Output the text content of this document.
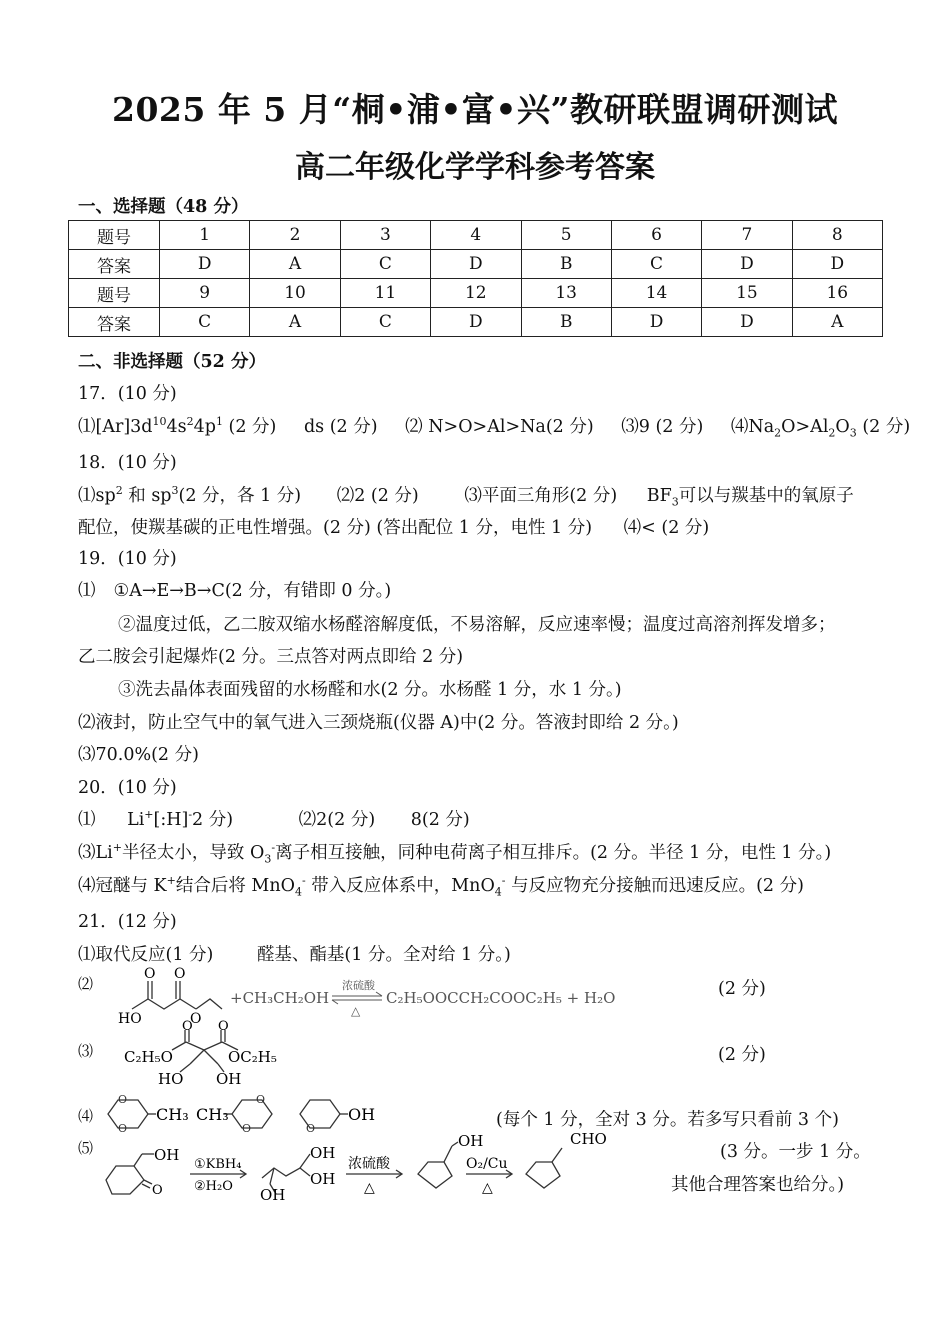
2025 年 5 月“桐•浦•富•兴”教研联盟调研测试
高二年级化学学科参考答案
一、选择题（48 分）
题号	1	2	3	4	5	6	7	8
答案	D	A	C	D	B	C	D	D
题号	9	10	11	12	13	14	15	16
答案	C	A	C	D	B	D	D	A
二、非选择题（52 分）
17．(10 分)
$⑴[Ar]3d^{10}4s^24p^1$ (2 分) ds (2 分) ⑵ N>O>Al>Na(2 分) ⑶9 (2 分) $⑷Na_2O>Al_2O_3$ (2 分)
18．(10 分)
$⑴sp^2$ 和 $sp^3(2$ 分，各 1 分) ⑵2 (2 分)	⑶平面三角形(2 分) $BF_3$可以与羰基中的氧原子
配位，使羰基碳的正电性增强。(2 分) (答出配位 1 分，电性 1 分) ⑷< (2 分)
19．(10 分)
⑴ ①A→E→B→C(2 分，有错即 0 分。)
②温度过低，乙二胺双缩水杨醛溶解度低，不易溶解，反应速率慢；温度过高溶剂挥发增多；
乙二胺会引起爆炸(2 分。三点答对两点即给 2 分)
③洗去晶体表面残留的水杨醛和水(2 分。水杨醛 1 分，水 1 分。)
⑵液封，防止空气中的氧气进入三颈烧瓶(仪器 A)中(2 分。答液封即给 2 分。)
⑶70.0%(2 分)
20．(10 分)
⑴ Li+[:H]-2 分)	⑵2(2 分) 8(2 分)
⑶Li+半径太小，导致 $O_3^-$离子相互接触，同种电荷离子相互排斥。(2 分。半径 1 分，电性 1 分。)
⑷冠醚与 K+结合后将 MnO$_4$- 带入反应体系中，MnO$_4$- 与反应物充分接触而迅速反应。(2 分)
21．(12 分)
⑴取代反应(1 分) 醛基、酯基(1 分。全对给 1 分。)
⑵
HO
O O
O
+CH₃CH₂OH
浓硫酸
△
C₂H₅OOCCH₂COOC₂H₅ + H₂O	(2 分)
⑶
O O
C₂H₅O	OC₂H₅
HO OH
(2 分)
⑷
O
O
O
O	O
CH₃ CH₃	OH	(每个 1 分，全对 3 分。若多写只看前 3 个)
⑸	OH
O
①KBH₄
②H₂O
OH
OH
OH
浓硫酸
△
OH
O₂/Cu
△
CHO
(3 分。一步 1 分。
其他合理答案也给分。)
